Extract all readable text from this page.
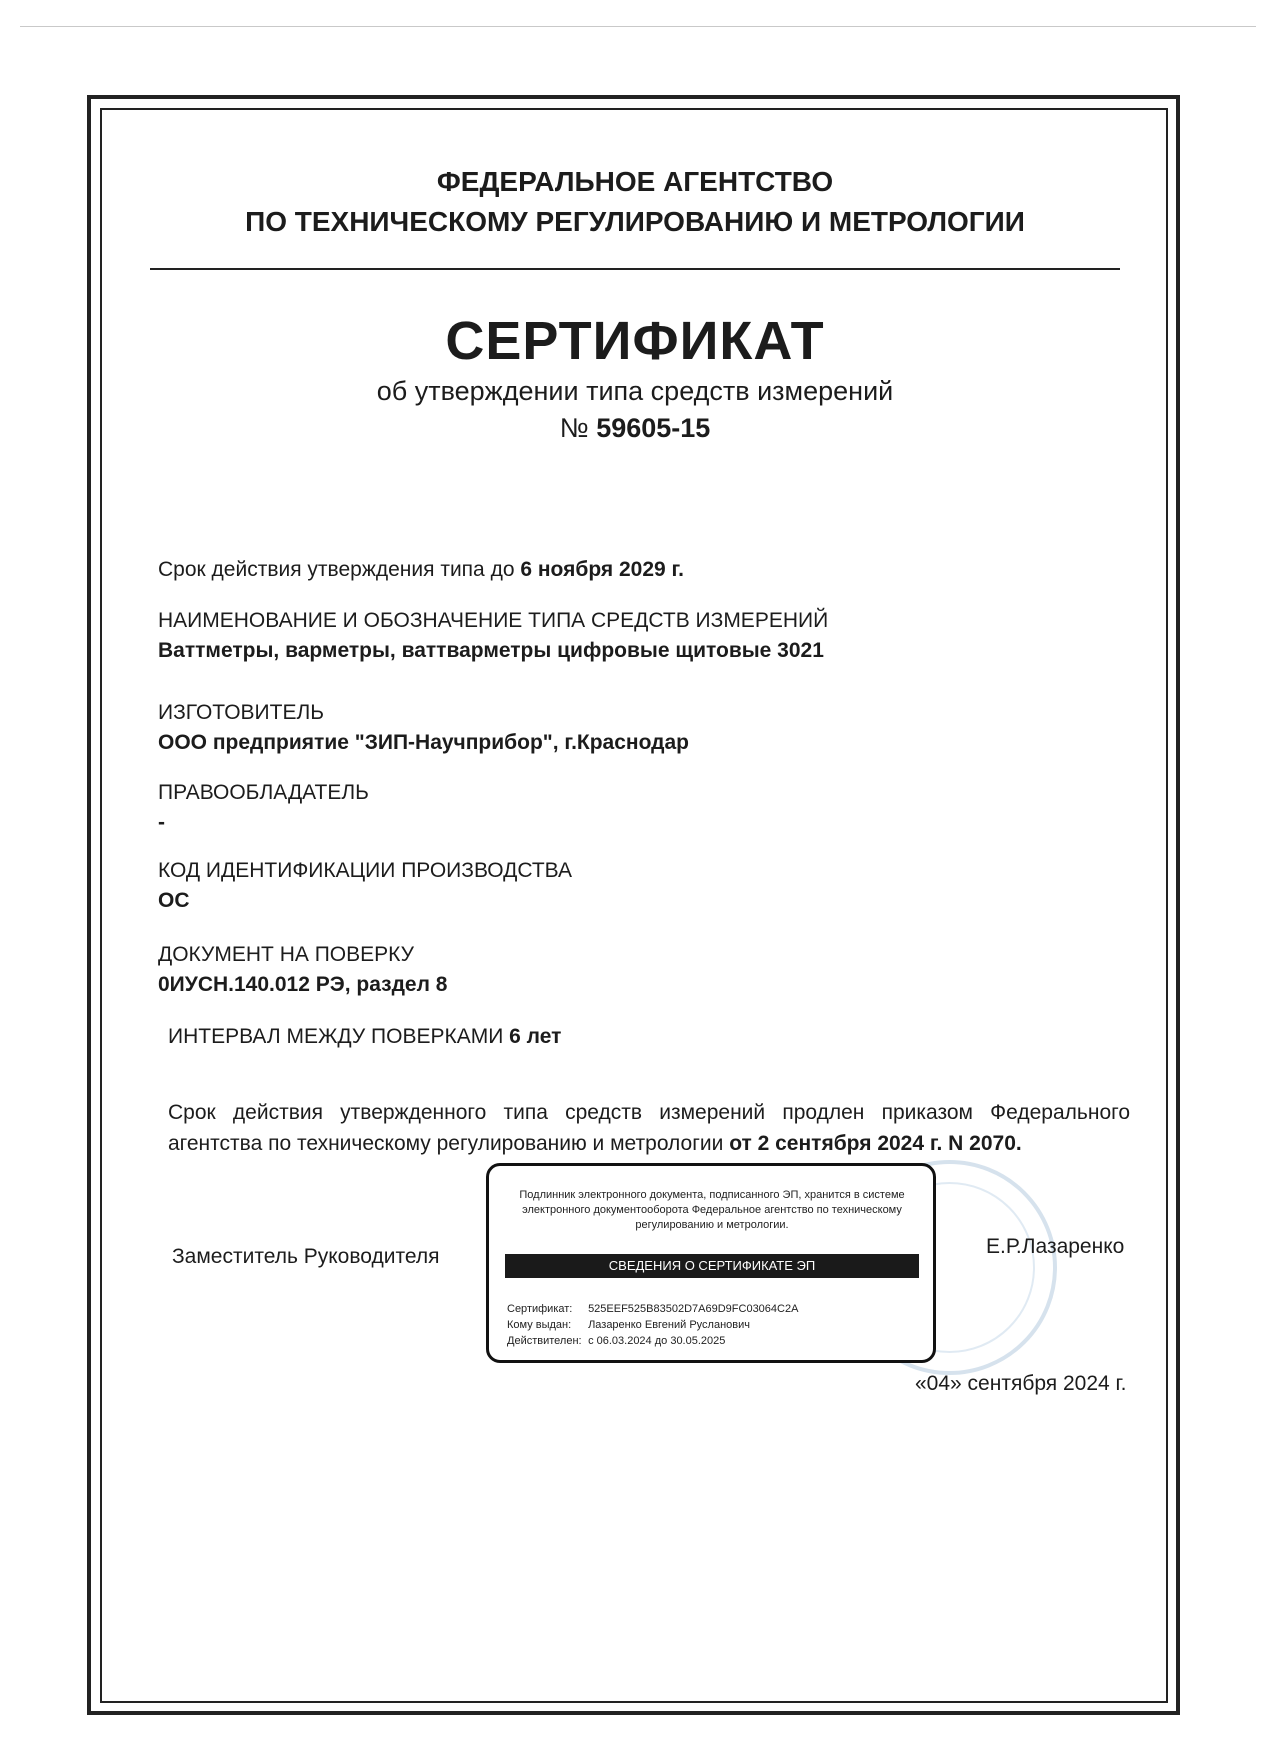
ФЕДЕРАЛЬНОЕ АГЕНТСТВО
ПО ТЕХНИЧЕСКОМУ РЕГУЛИРОВАНИЮ И МЕТРОЛОГИИ
СЕРТИФИКАТ
об утверждении типа средств измерений
№ 59605-15
Срок действия утверждения типа до 6 ноября 2029 г.
НАИМЕНОВАНИЕ И ОБОЗНАЧЕНИЕ ТИПА СРЕДСТВ ИЗМЕРЕНИЙ
Ваттметры, варметры, ваттварметры цифровые щитовые 3021
ИЗГОТОВИТЕЛЬ
ООО предприятие "ЗИП-Научприбор", г.Краснодар
ПРАВООБЛАДАТЕЛЬ
-
КОД ИДЕНТИФИКАЦИИ ПРОИЗВОДСТВА
ОС
ДОКУМЕНТ НА ПОВЕРКУ
0ИУСН.140.012 РЭ, раздел 8
ИНТЕРВАЛ МЕЖДУ ПОВЕРКАМИ 6 лет
Срок действия утвержденного типа средств измерений продлен приказом Федерального агентства по техническому регулированию и метрологии от 2 сентября 2024 г. N 2070.
Заместитель Руководителя
Подлинник электронного документа, подписанного ЭП, хранится в системе электронного документооборота Федеральное агентство по техническому регулированию и метрологии.
СВЕДЕНИЯ О СЕРТИФИКАТЕ ЭП
Сертификат: 525EEF525B83502D7A69D9FC03064C2A
Кому выдан: Лазаренко Евгений Русланович
Действителен: с 06.03.2024 до 30.05.2025
Е.Р.Лазаренко
«04» сентября 2024 г.
